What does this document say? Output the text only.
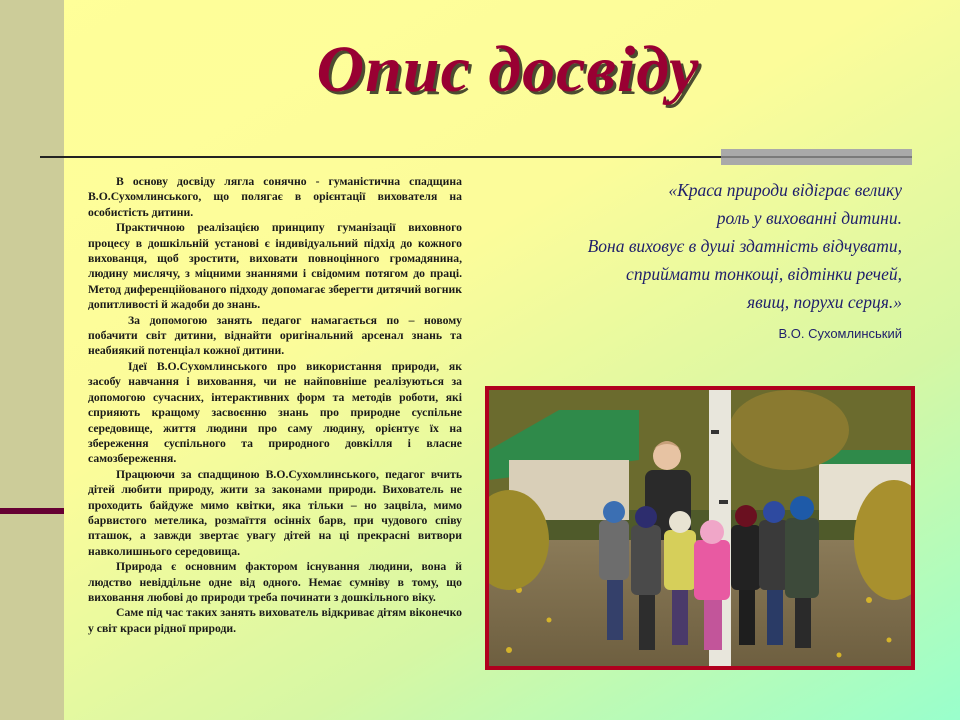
Опис досвіду

В основу досвіду лягла сонячно - гуманістична спадщина В.О.Сухомлинського, що полягає в орієнтації вихователя на особистість дитини.

Практичною реалізацією принципу гуманізації виховного процесу в дошкільній установі є індивідуальний підхід до кожного вихованця, щоб зростити, виховати повноцінного громадянина, людину мислячу, з міцними знаннями і свідомим потягом до праці. Метод диференційованого підходу допомагає зберегти дитячий вогник допитливості й жадоби до знань.

За допомогою занять педагог намагається по – новому побачити світ дитини, віднайти оригінальний арсенал знань та неабиякий потенціал кожної дитини.

Ідеї В.О.Сухомлинського про використання природи, як засобу навчання і виховання, чи не найповніше реалізуються за допомогою сучасних, інтерактивних форм та методів роботи, які сприяють кращому засвоєнню знань про природне суспільне середовище, життя людини про саму людину, орієнтує їх на збереження суспільного та природного довкілля і власне самозбереження.

Працюючи за спадщиною В.О.Сухомлинського, педагог вчить дітей любити природу, жити за законами природи. Вихователь не проходить байдуже мимо квітки, яка тільки – но зацвіла, мимо барвистого метелика, розмаїття осінніх барв, при чудового співу пташок, а завжди звертає увагу дітей на ці прекрасні витвори навколишнього середовища.

Природа є основним фактором існування людини, вона й людство невіддільне одне від одного. Немає сумніву в тому, що виховання любові до природи треба починати з дошкільного віку.

Саме під час таких занять вихователь відкриває дітям віконечко у світ краси рідної природи.

«Краса природи відіграє велику
роль у вихованні дитини.
Вона виховує в душі здатність відчувати,
сприймати тонкощі, відтінки речей,
явищ, порухи серця.»
В.О. Сухомлинський
